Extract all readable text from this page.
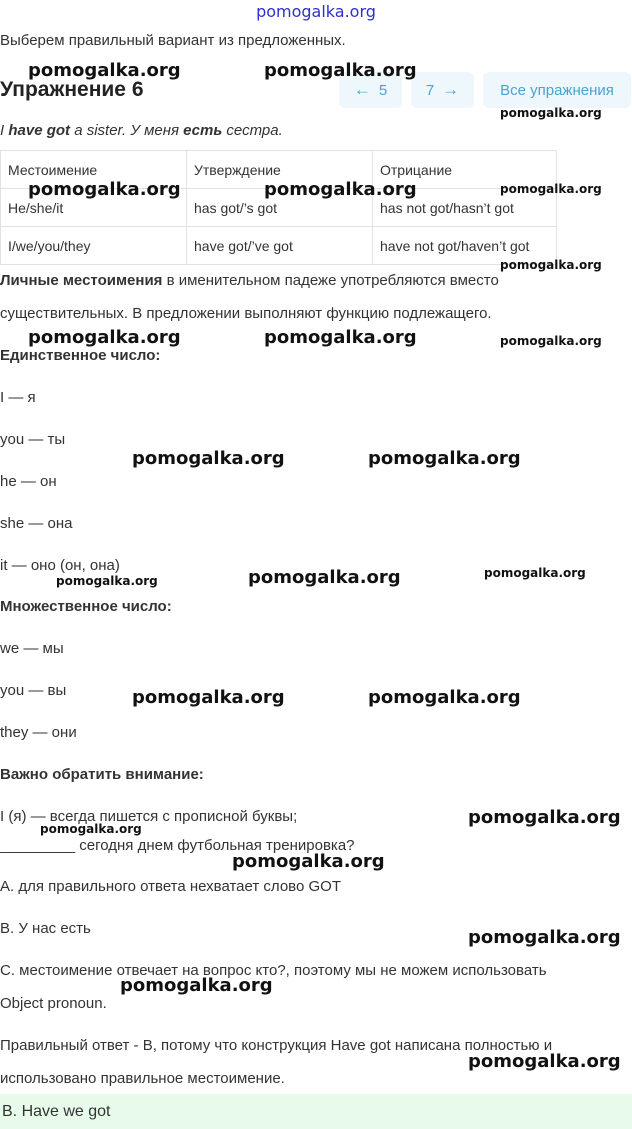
pomogalka.org
Выберем правильный вариант из предложенных.
Упражнение 6	← 5	7 →	Все упражнения
I have got a sister. У меня есть сестра.
Местоимение	Утверждение	Отрицание
He/she/it	has got/’s got	has not got/hasn’t got
I/we/you/they	have got/’ve got	have not got/haven’t got
Личные местоимения в именительном падеже употребляются вместо
существительных. В предложении выполняют функцию подлежащего.
Единственное число:
I — я
you — ты
he — он
she — она
it — оно (он, она)
Множественное число:
we — мы
you — вы
they — они
Важно обратить внимание:
I (я) — всегда пишется с прописной буквы;
_________ сегодня днем футбольная тренировка?
A. для правильного ответа нехватает слово GOT
B. У нас есть
C. местоимение отвечает на вопрос кто?, поэтому мы не можем использовать
Object pronoun.
Правильный ответ - B, потому что конструкция Have got написана полностью и
использовано правильное местоимение.
B. Have we got
pomogalka.org	pomogalka.org
pomogalka.org
pomogalka.org	pomogalka.org	pomogalka.org
pomogalka.org
pomogalka.org	pomogalka.org	pomogalka.org
pomogalka.org	pomogalka.org
pomogalka.org	pomogalka.org	pomogalka.org
pomogalka.org	pomogalka.org
pomogalka.org
pomogalka.org
pomogalka.org
pomogalka.org
pomogalka.org
pomogalka.org
